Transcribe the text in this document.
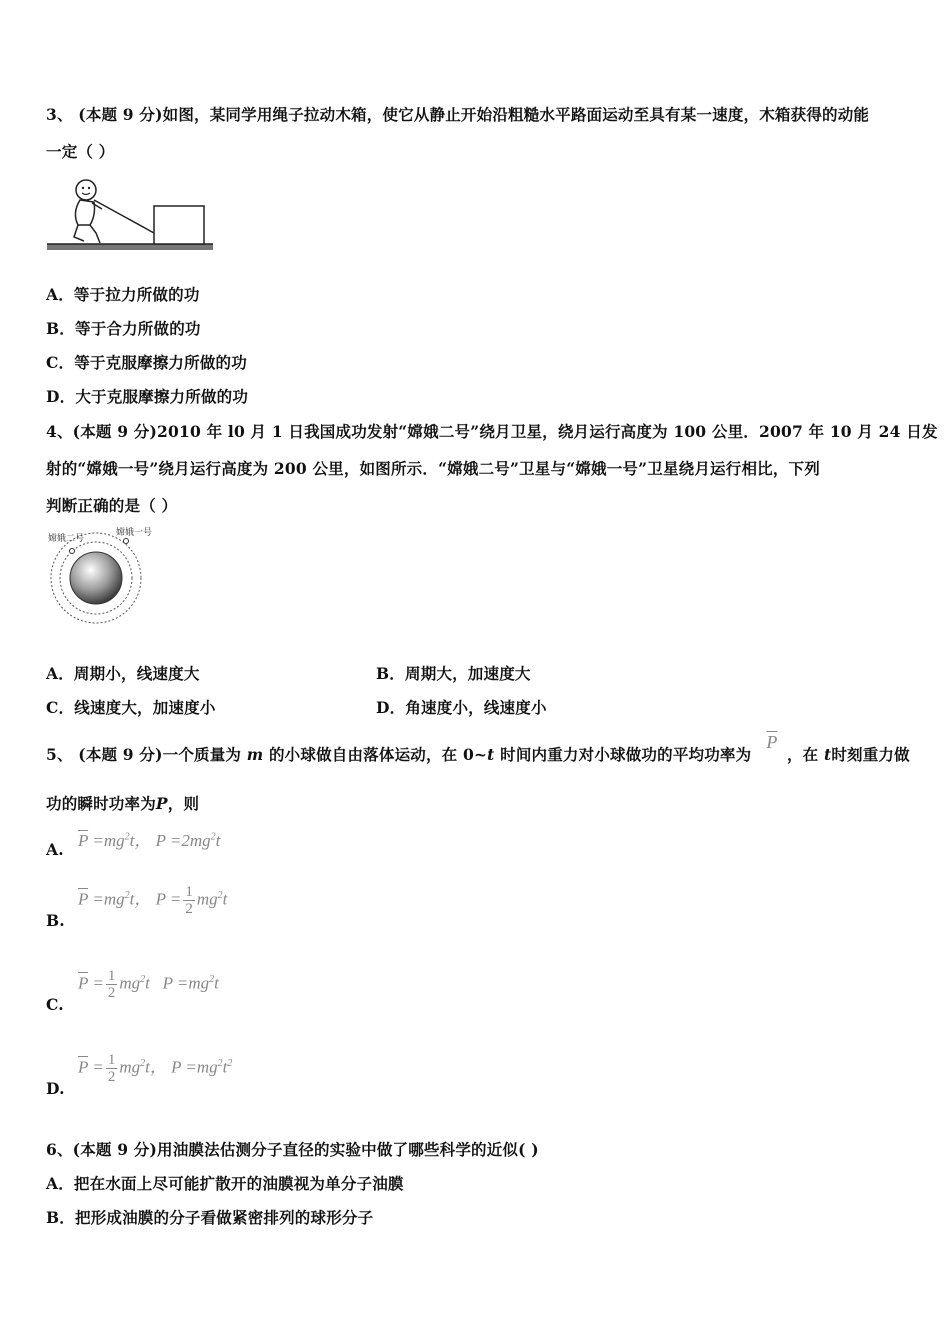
3、 (本题 9 分)如图，某同学用绳子拉动木箱，使它从静止开始沿粗糙水平路面运动至具有某一速度，木箱获得的动能
一定（ ）
A．等于拉力所做的功
B．等于合力所做的功
C．等于克服摩擦力所做的功
D．大于克服摩擦力所做的功
4、(本题 9 分)2010 年 l0 月 1 日我国成功发射“嫦娥二号”绕月卫星，绕月运行高度为 100 公里．2007 年 10 月 24 日发
射的“嫦娥一号”绕月运行高度为 200 公里，如图所示．“嫦娥二号”卫星与“嫦娥一号”卫星绕月运行相比，下列
判断正确的是（ ）
嫦娥二号
嫦娥一号
A．周期小，线速度大	B．周期大，加速度大
C．线速度大，加速度小	D．角速度小，线速度小
5、 (本题 9 分)一个质量为 m 的小球做自由落体运动，在 0~t 时间内重力对小球做功的平均功率为 $\overline{P}$，在 t时刻重力做
功的瞬时功率为P，则
A. $\overline{P} =mg^2t$， $P =2mg^2t$
B.
$\overline{P} =mg^2t$， $P = \frac{1}{2} mg^2t$
C.
$\overline{P} = \frac{1}{2} mg^2t$ $P =mg^2t$
D.
$\overline{P} = \frac{1}{2} mg^2t$， $P =mg^2t^2$
6、(本题 9 分)用油膜法估测分子直径的实验中做了哪些科学的近似( )
A．把在水面上尽可能扩散开的油膜视为单分子油膜
B．把形成油膜的分子看做紧密排列的球形分子
